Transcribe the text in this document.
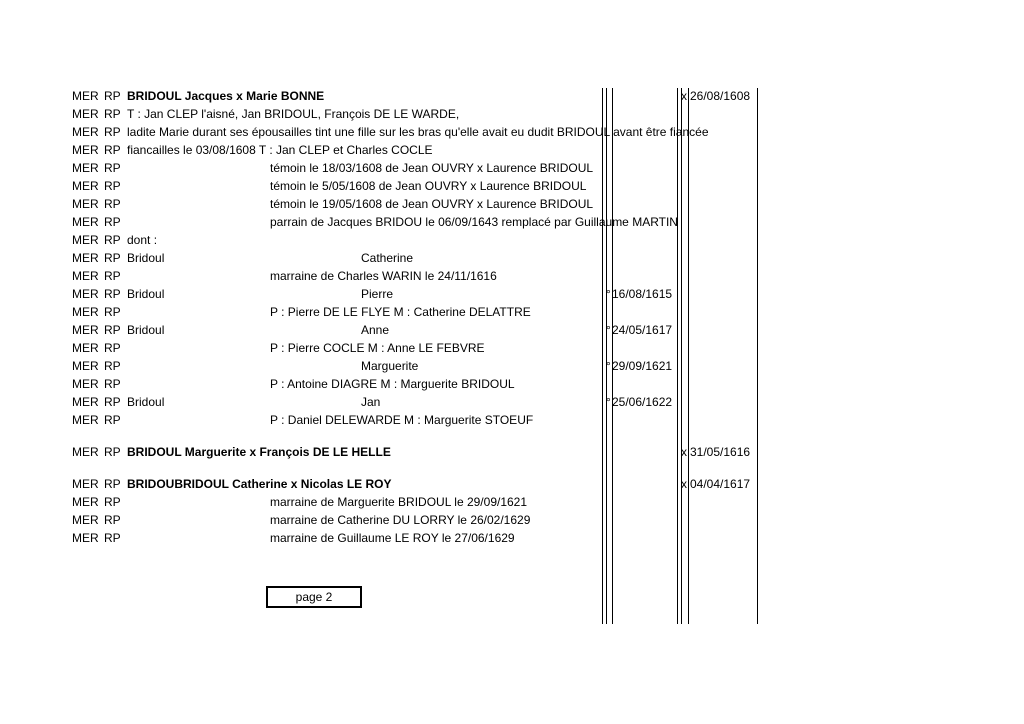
MER RP BRIDOUL Jacques x Marie BONNE	x 26/08/1608
MER RP T : Jan CLEP l'aisné, Jan BRIDOUL, François DE LE WARDE,
MER RP ladite Marie durant ses épousailles tint une fille sur les bras qu'elle avait eu dudit BRIDOUL avant être fiancée
MER RP fiancailles le 03/08/1608 T : Jan CLEP et Charles COCLE
MER RP	témoin le 18/03/1608 de Jean OUVRY x Laurence BRIDOUL
MER RP	témoin le 5/05/1608 de Jean OUVRY x Laurence BRIDOUL
MER RP	témoin le 19/05/1608 de Jean OUVRY x Laurence BRIDOUL
MER RP	parrain de Jacques BRIDOU le 06/09/1643 remplacé par Guillaume MARTIN
MER RP dont :
MER RP Bridoul	Catherine
MER RP	marraine de Charles WARIN le 24/11/1616
MER RP Bridoul	Pierre	° 16/08/1615
MER RP	P : Pierre DE LE FLYE M : Catherine DELATTRE
MER RP Bridoul	Anne	° 24/05/1617
MER RP	P : Pierre COCLE M : Anne LE FEBVRE
MER RP	Marguerite	° 29/09/1621
MER RP	P : Antoine DIAGRE M : Marguerite BRIDOUL
MER RP Bridoul	Jan	° 25/06/1622
MER RP	P : Daniel DELEWARDE M : Marguerite STOEUF
MER RP BRIDOUL Marguerite x François DE LE HELLE	x 31/05/1616
MER RP BRIDOUBRIDOUL Catherine x Nicolas LE ROY	x 04/04/1617
MER RP	marraine de Marguerite BRIDOUL le 29/09/1621
MER RP	marraine de Catherine DU LORRY le 26/02/1629
MER RP	marraine de Guillaume LE ROY le 27/06/1629
page 2
